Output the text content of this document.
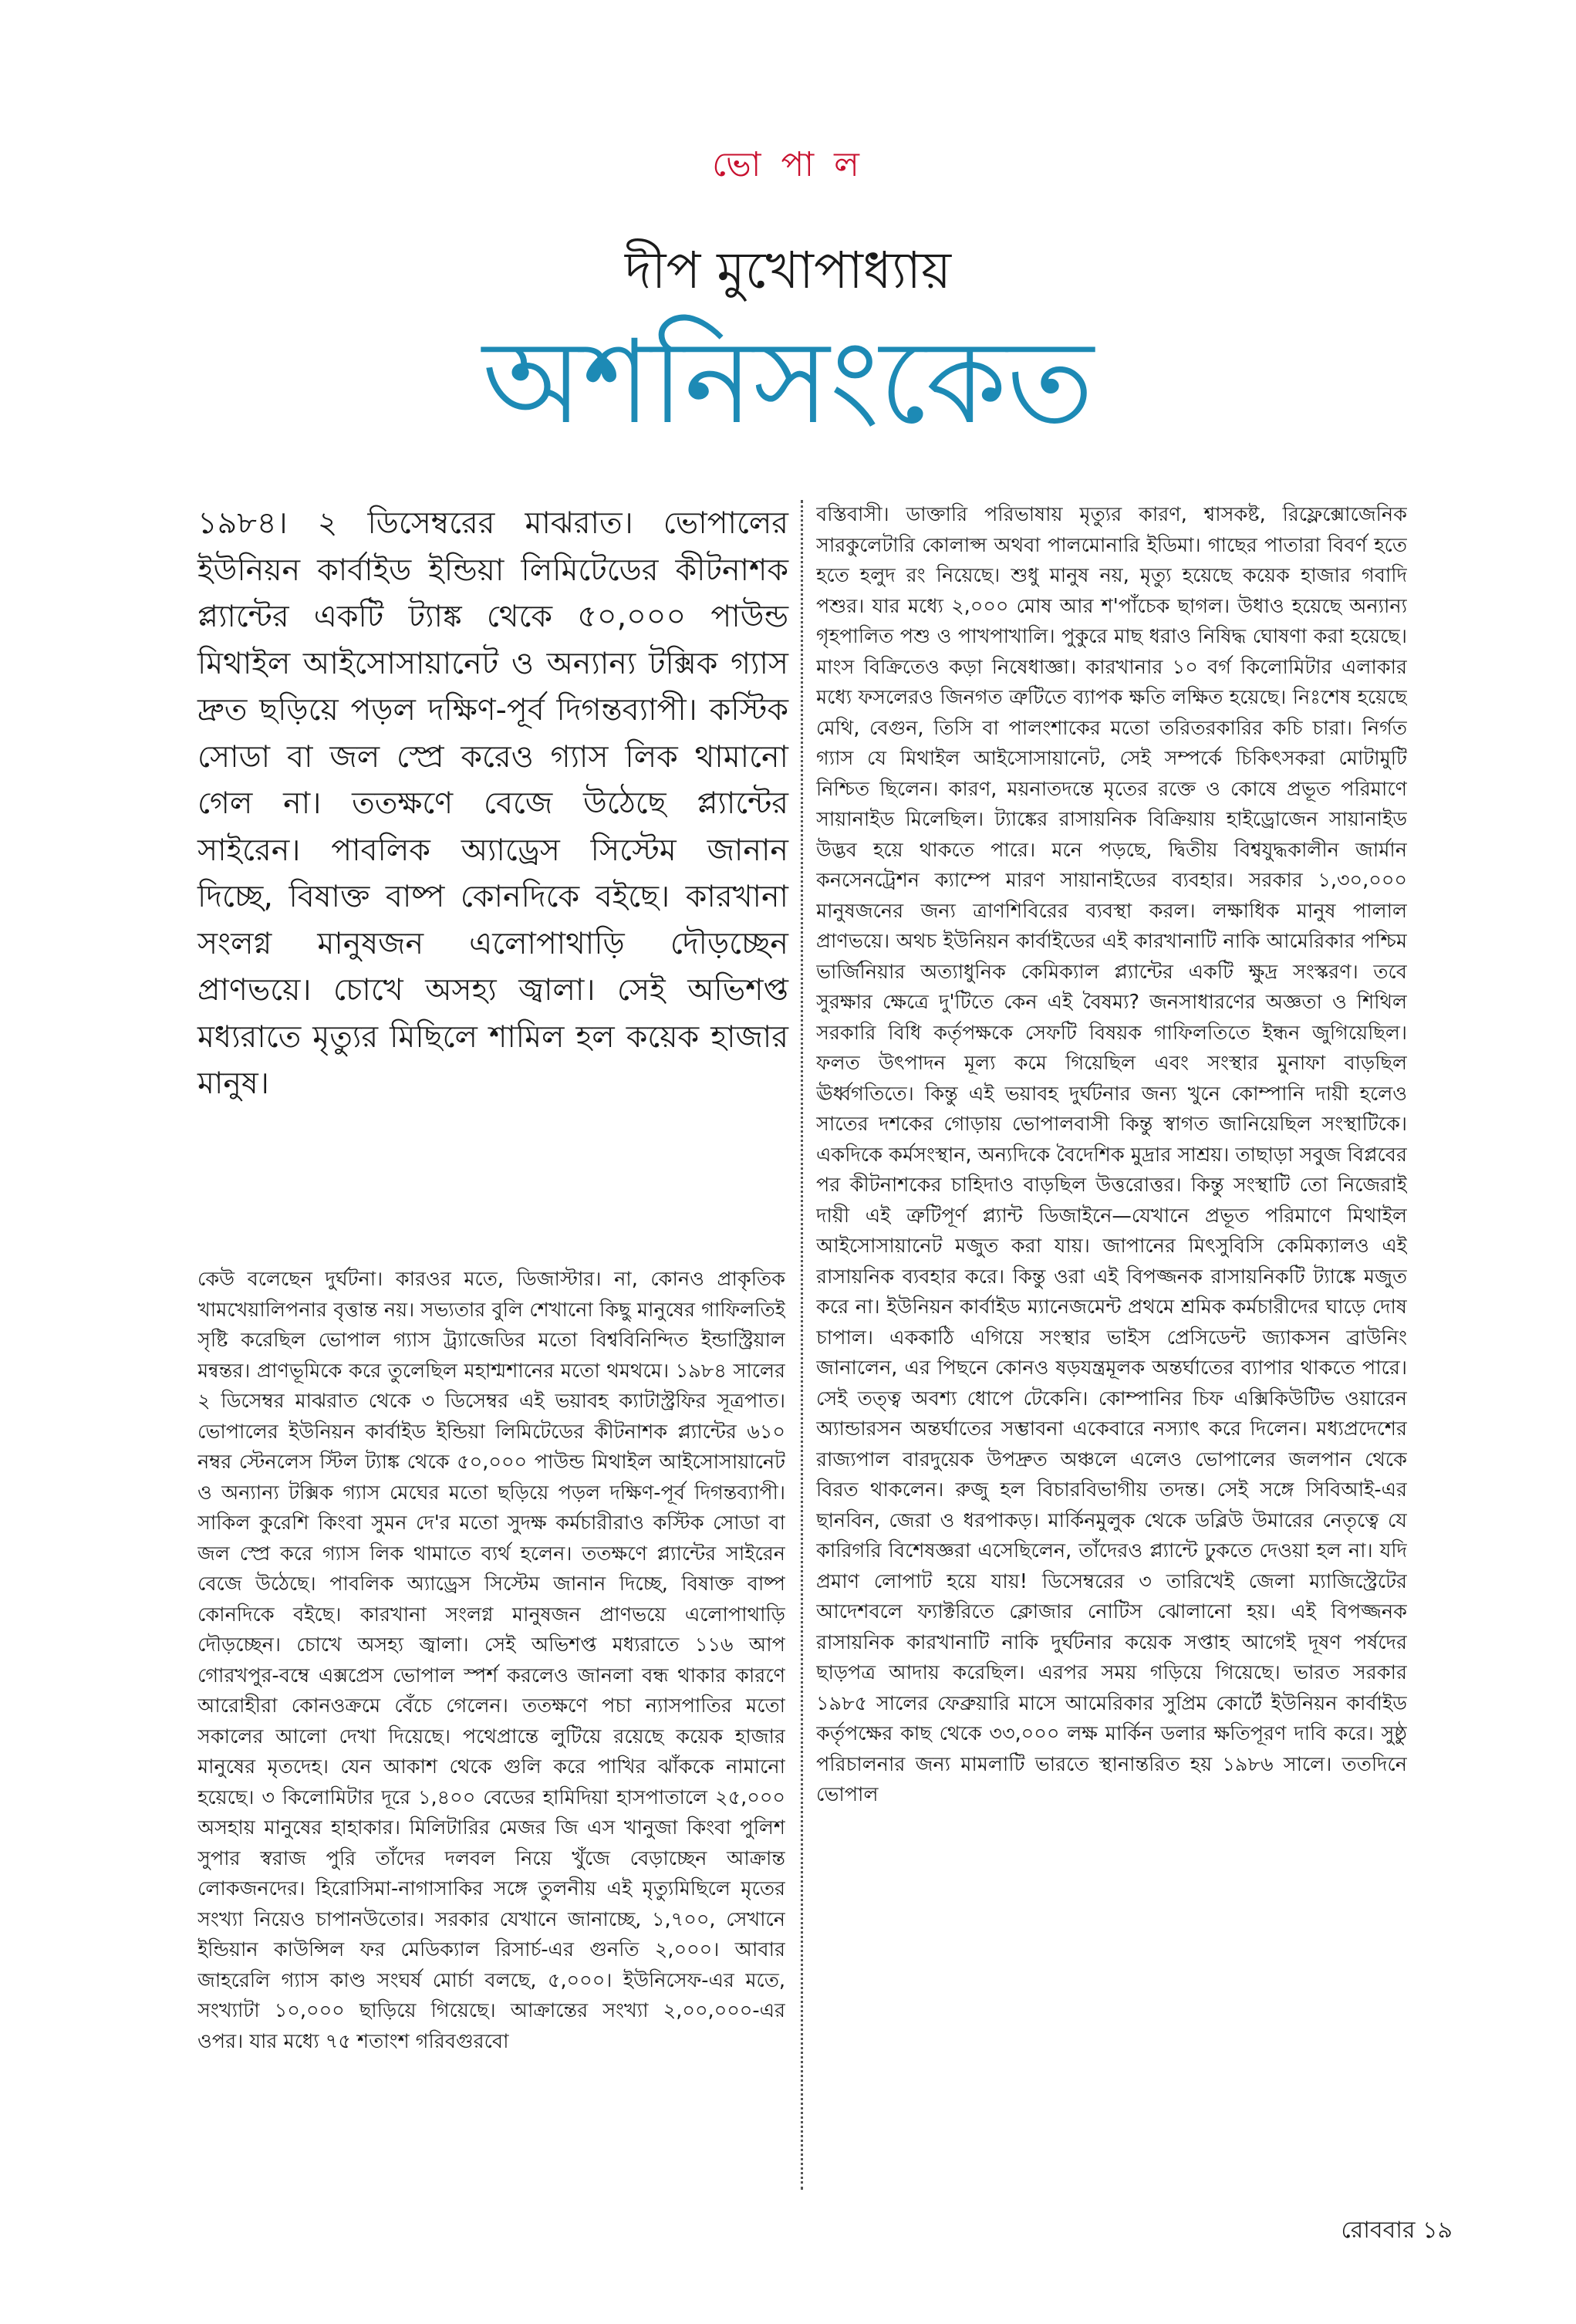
ভো পা ল
দীপ মুখোপাধ্যায়
অশনিসংকেত

১৯৮৪। ২ ডিসেম্বরের মাঝরাত। ভোপালের ইউনিয়ন কার্বাইড ইন্ডিয়া লিমিটেডের কীটনাশক প্ল্যান্টের একটি ট্যাঙ্ক থেকে ৫০,০০০ পাউন্ড মিথাইল আইসোসায়ানেট ও অন্যান্য টক্সিক গ্যাস দ্রুত ছড়িয়ে পড়ল দক্ষিণ-পূর্ব দিগন্তব্যাপী। কস্টিক সোডা বা জল স্প্রে করেও গ্যাস লিক থামানো গেল না। ততক্ষণে বেজে উঠেছে প্ল্যান্টের সাইরেন। পাবলিক অ্যাড্রেস সিস্টেম জানান দিচ্ছে, বিষাক্ত বাষ্প কোনদিকে বইছে। কারখানা সংলগ্ন মানুষজন এলোপাথাড়ি দৌড়চ্ছেন প্রাণভয়ে। চোখে অসহ্য জ্বালা। সেই অভিশপ্ত মধ্যরাতে মৃত্যুর মিছিলে শামিল হল কয়েক হাজার মানুষ।

কেউ বলেছেন দুর্ঘটনা। কারওর মতে, ডিজাস্টার। না, কোনও প্রাকৃতিক খামখেয়ালিপনার বৃত্তান্ত নয়। সভ্যতার বুলি শেখানো কিছু মানুষের গাফিলতিই সৃষ্টি করেছিল ভোপাল গ্যাস ট্র্যাজেডির মতো বিশ্ববিনিন্দিত ইন্ডাস্ট্রিয়াল মন্বন্তর। প্রাণভূমিকে করে তুলেছিল মহাশ্মশানের মতো থমথমে। ১৯৮৪ সালের ২ ডিসেম্বর মাঝরাত থেকে ৩ ডিসেম্বর এই ভয়াবহ ক্যাটাস্ট্রফির সূত্রপাত। ভোপালের ইউনিয়ন কার্বাইড ইন্ডিয়া লিমিটেডের কীটনাশক প্ল্যান্টের ৬১০ নম্বর স্টেনলেস স্টিল ট্যাঙ্ক থেকে ৫০,০০০ পাউন্ড মিথাইল আইসোসায়ানেট ও অন্যান্য টক্সিক গ্যাস মেঘের মতো ছড়িয়ে পড়ল দক্ষিণ-পূর্ব দিগন্তব্যাপী। সাকিল কুরেশি কিংবা সুমন দে'র মতো সুদক্ষ কর্মচারীরাও কস্টিক সোডা বা জল স্প্রে করে গ্যাস লিক থামাতে ব্যর্থ হলেন। ততক্ষণে প্ল্যান্টের সাইরেন বেজে উঠেছে। পাবলিক অ্যাড্রেস সিস্টেম জানান দিচ্ছে, বিষাক্ত বাষ্প কোনদিকে বইছে। কারখানা সংলগ্ন মানুষজন প্রাণভয়ে এলোপাথাড়ি দৌড়চ্ছেন। চোখে অসহ্য জ্বালা। সেই অভিশপ্ত মধ্যরাতে ১১৬ আপ গোরখপুর-বম্বে এক্সপ্রেস ভোপাল স্পর্শ করলেও জানলা বন্ধ থাকার কারণে আরোহীরা কোনওক্রমে বেঁচে গেলেন। ততক্ষণে পচা ন্যাসপাতির মতো সকালের আলো দেখা দিয়েছে। পথেপ্রান্তে লুটিয়ে রয়েছে কয়েক হাজার মানুষের মৃতদেহ। যেন আকাশ থেকে গুলি করে পাখির ঝাঁককে নামানো হয়েছে। ৩ কিলোমিটার দূরে ১,৪০০ বেডের হামিদিয়া হাসপাতালে ২৫,০০০ অসহায় মানুষের হাহাকার। মিলিটারির মেজর জি এস খানুজা কিংবা পুলিশ সুপার স্বরাজ পুরি তাঁদের দলবল নিয়ে খুঁজে বেড়াচ্ছেন আক্রান্ত লোকজনদের। হিরোসিমা-নাগাসাকির সঙ্গে তুলনীয় এই মৃত্যুমিছিলে মৃতের সংখ্যা নিয়েও চাপানউতোর। সরকার যেখানে জানাচ্ছে, ১,৭০০, সেখানে ইন্ডিয়ান কাউন্সিল ফর মেডিক্যাল রিসার্চ-এর গুনতি ২,০০০। আবার জাহরেলি গ্যাস কাণ্ড সংঘর্ষ মোর্চা বলছে, ৫,০০০। ইউনিসেফ-এর মতে, সংখ্যাটা ১০,০০০ ছাড়িয়ে গিয়েছে। আক্রান্তের সংখ্যা ২,০০,০০০-এর ওপর। যার মধ্যে ৭৫ শতাংশ গরিবগুরবো

বস্তিবাসী। ডাক্তারি পরিভাষায় মৃত্যুর কারণ, শ্বাসকষ্ট, রিফ্লেক্সোজেনিক সারকুলেটারি কোলাপ্স অথবা পালমোনারি ইডিমা। গাছের পাতারা বিবর্ণ হতে হতে হলুদ রং নিয়েছে। শুধু মানুষ নয়, মৃত্যু হয়েছে কয়েক হাজার গবাদি পশুর। যার মধ্যে ২,০০০ মোষ আর শ'পাঁচেক ছাগল। উধাও হয়েছে অন্যান্য গৃহপালিত পশু ও পাখপাখালি। পুকুরে মাছ ধরাও নিষিদ্ধ ঘোষণা করা হয়েছে। মাংস বিক্রিতেও কড়া নিষেধাজ্ঞা। কারখানার ১০ বর্গ কিলোমিটার এলাকার মধ্যে ফসলেরও জিনগত ত্রুটিতে ব্যাপক ক্ষতি লক্ষিত হয়েছে। নিঃশেষ হয়েছে মেথি, বেগুন, তিসি বা পালংশাকের মতো তরিতরকারির কচি চারা। নির্গত গ্যাস যে মিথাইল আইসোসায়ানেট, সেই সম্পর্কে চিকিৎসকরা মোটামুটি নিশ্চিত ছিলেন। কারণ, ময়নাতদন্তে মৃতের রক্তে ও কোষে প্রভূত পরিমাণে সায়ানাইড মিলেছিল। ট্যাঙ্কের রাসায়নিক বিক্রিয়ায় হাইড্রোজেন সায়ানাইড উদ্ভব হয়ে থাকতে পারে। মনে পড়ছে, দ্বিতীয় বিশ্বযুদ্ধকালীন জার্মান কনসেনট্রেশন ক্যাম্পে মারণ সায়ানাইডের ব্যবহার। সরকার ১,৩০,০০০ মানুষজনের জন্য ত্রাণশিবিরের ব্যবস্থা করল। লক্ষাধিক মানুষ পালাল প্রাণভয়ে। অথচ ইউনিয়ন কার্বাইডের এই কারখানাটি নাকি আমেরিকার পশ্চিম ভার্জিনিয়ার অত্যাধুনিক কেমিক্যাল প্ল্যান্টের একটি ক্ষুদ্র সংস্করণ। তবে সুরক্ষার ক্ষেত্রে দু'টিতে কেন এই বৈষম্য? জনসাধারণের অজ্ঞতা ও শিথিল সরকারি বিধি কর্তৃপক্ষকে সেফটি বিষয়ক গাফিলতিতে ইন্ধন জুগিয়েছিল। ফলত উৎপাদন মূল্য কমে গিয়েছিল এবং সংস্থার মুনাফা বাড়ছিল ঊর্ধ্বগতিতে। কিন্তু এই ভয়াবহ দুর্ঘটনার জন্য খুনে কোম্পানি দায়ী হলেও সাতের দশকের গোড়ায় ভোপালবাসী কিন্তু স্বাগত জানিয়েছিল সংস্থাটিকে। একদিকে কর্মসংস্থান, অন্যদিকে বৈদেশিক মুদ্রার সাশ্রয়। তাছাড়া সবুজ বিপ্লবের পর কীটনাশকের চাহিদাও বাড়ছিল উত্তরোত্তর। কিন্তু সংস্থাটি তো নিজেরাই দায়ী এই ত্রুটিপূর্ণ প্ল্যান্ট ডিজাইনে—যেখানে প্রভূত পরিমাণে মিথাইল আইসোসায়ানেট মজুত করা যায়। জাপানের মিৎসুবিসি কেমিক্যালও এই রাসায়নিক ব্যবহার করে। কিন্তু ওরা এই বিপজ্জনক রাসায়নিকটি ট্যাঙ্কে মজুত করে না। ইউনিয়ন কার্বাইড ম্যানেজমেন্ট প্রথমে শ্রমিক কর্মচারীদের ঘাড়ে দোষ চাপাল। এককাঠি এগিয়ে সংস্থার ভাইস প্রেসিডেন্ট জ্যাকসন ব্রাউনিং জানালেন, এর পিছনে কোনও ষড়যন্ত্রমূলক অন্তর্ঘাতের ব্যাপার থাকতে পারে। সেই তত্ত্ব অবশ্য ধোপে টেকেনি। কোম্পানির চিফ এক্সিকিউটিভ ওয়ারেন অ্যান্ডারসন অন্তর্ঘাতের সম্ভাবনা একেবারে নস্যাৎ করে দিলেন। মধ্যপ্রদেশের রাজ্যপাল বারদুয়েক উপদ্রুত অঞ্চলে এলেও ভোপালের জলপান থেকে বিরত থাকলেন। রুজু হল বিচারবিভাগীয় তদন্ত। সেই সঙ্গে সিবিআই-এর ছানবিন, জেরা ও ধরপাকড়। মার্কিনমুলুক থেকে ডব্লিউ উমারের নেতৃত্বে যে কারিগরি বিশেষজ্ঞরা এসেছিলেন, তাঁদেরও প্ল্যান্টে ঢুকতে দেওয়া হল না। যদি প্রমাণ লোপাট হয়ে যায়! ডিসেম্বরের ৩ তারিখেই জেলা ম্যাজিস্ট্রেটের আদেশবলে ফ্যাক্টরিতে ক্লোজার নোটিস ঝোলানো হয়। এই বিপজ্জনক রাসায়নিক কারখানাটি নাকি দুর্ঘটনার কয়েক সপ্তাহ আগেই দূষণ পর্ষদের ছাড়পত্র আদায় করেছিল। এরপর সময় গড়িয়ে গিয়েছে। ভারত সরকার ১৯৮৫ সালের ফেব্রুয়ারি মাসে আমেরিকার সুপ্রিম কোর্টে ইউনিয়ন কার্বাইড কর্তৃপক্ষের কাছ থেকে ৩৩,০০০ লক্ষ মার্কিন ডলার ক্ষতিপূরণ দাবি করে। সুষ্ঠু পরিচালনার জন্য মামলাটি ভারতে স্থানান্তরিত হয় ১৯৮৬ সালে। ততদিনে ভোপাল

রোববার ১৯
